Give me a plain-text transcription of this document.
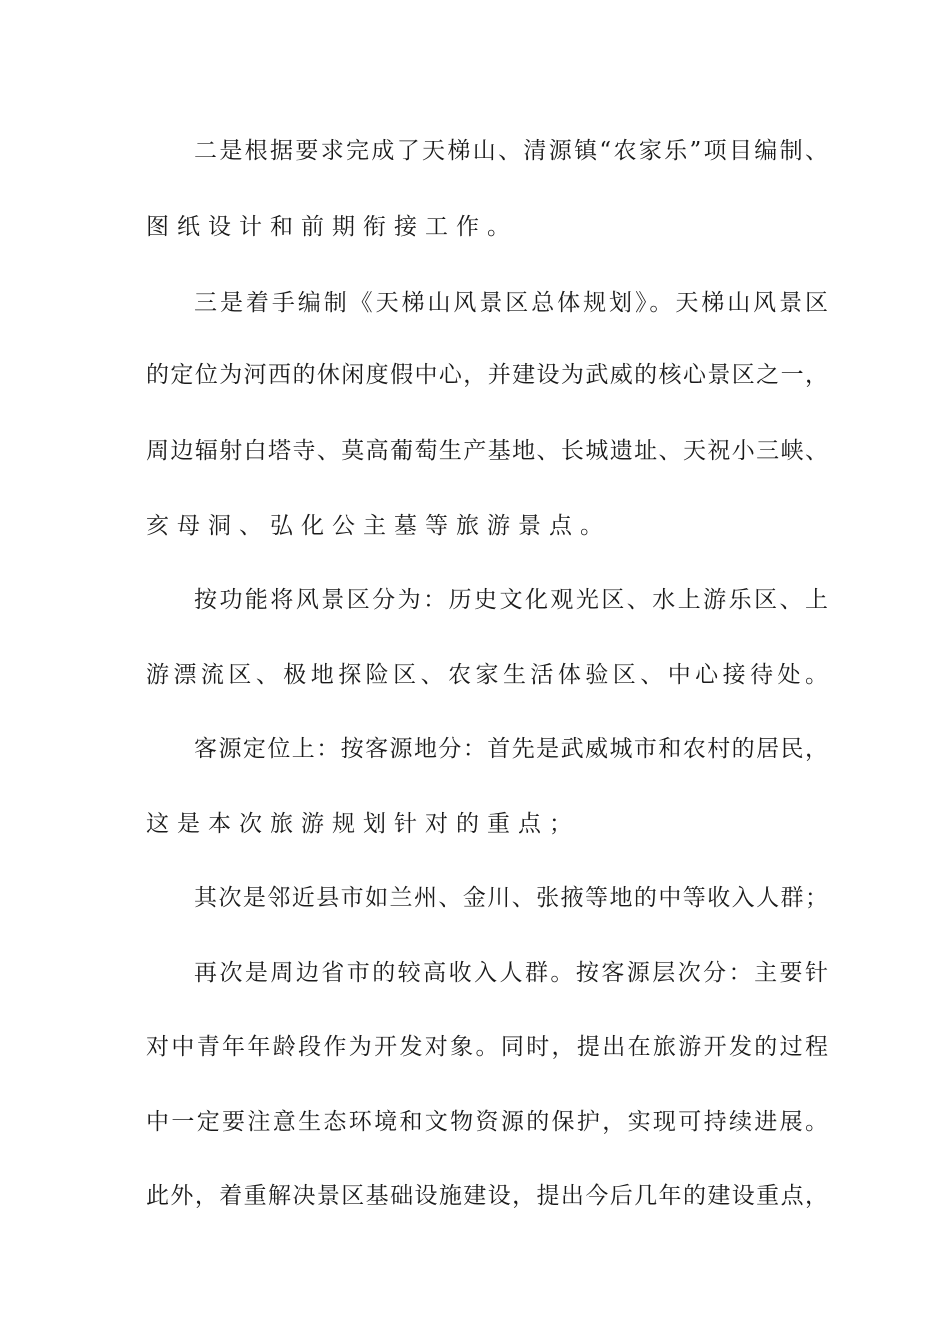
二是根据要求完成了天梯山、清源镇“农家乐”项目编制、
图纸设计和前期衔接工作。
三是着手编制《天梯山风景区总体规划》。天梯山风景区
的定位为河西的休闲度假中心，并建设为武威的核心景区之一，
周边辐射白塔寺、莫高葡萄生产基地、长城遗址、天祝小三峡、
亥母洞、弘化公主墓等旅游景点。
按功能将风景区分为：历史文化观光区、水上游乐区、上
游漂流区、极地探险区、农家生活体验区、中心接待处。
客源定位上：按客源地分：首先是武威城市和农村的居民，
这是本次旅游规划针对的重点；
其次是邻近县市如兰州、金川、张掖等地的中等收入人群；
再次是周边省市的较高收入人群。按客源层次分：主要针
对中青年年龄段作为开发对象。同时，提出在旅游开发的过程
中一定要注意生态环境和文物资源的保护，实现可持续进展。
此外，着重解决景区基础设施建设，提出今后几年的建设重点，
